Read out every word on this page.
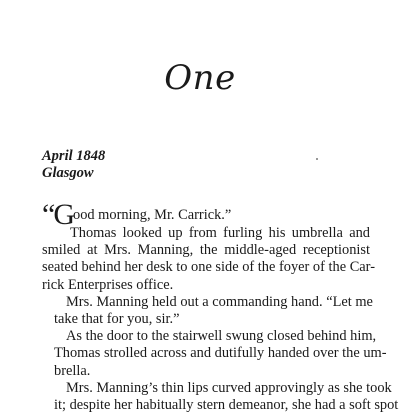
One
April 1848
Glasgow
“Good morning, Mr. Carrick.”
Thomas looked up from furling his umbrella and
smiled at Mrs. Manning, the middle-aged receptionist
seated behind her desk to one side of the foyer of the Car-
rick Enterprises office.
Mrs. Manning held out a commanding hand. “Let me
take that for you, sir.”
As the door to the stairwell swung closed behind him,
Thomas strolled across and dutifully handed over the um-
brella.
Mrs. Manning’s thin lips curved approvingly as she took
it; despite her habitually stern demeanor, she had a soft spot
